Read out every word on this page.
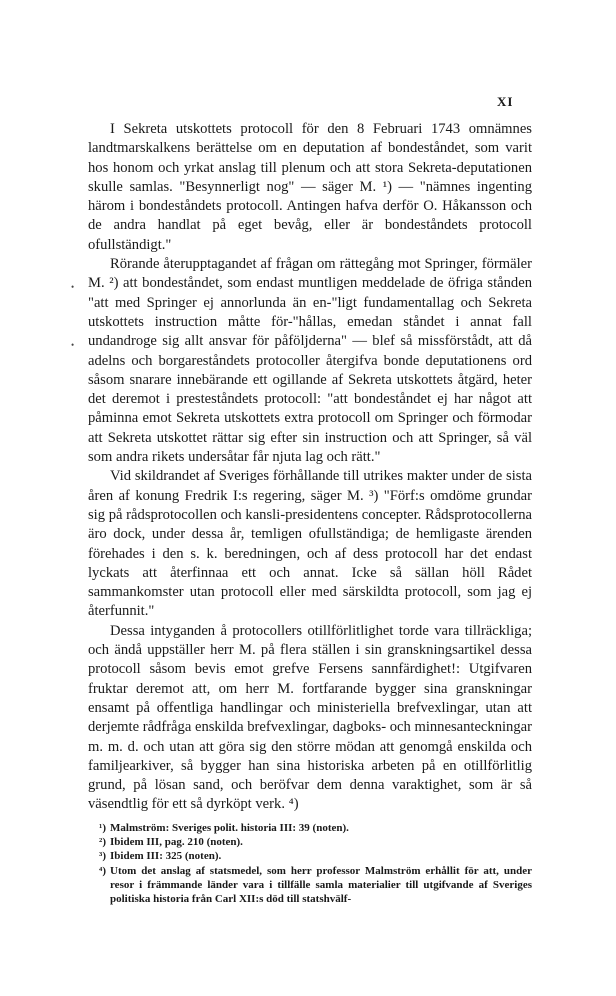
XI

I Sekreta utskottets protocoll för den 8 Februari 1743 omnämnes landtmarskalkens berättelse om en deputation af bondeståndet, som varit hos honom och yrkat anslag till plenum och att stora Sekreta-deputationen skulle samlas. "Besynnerligt nog" — säger M. ¹) — "nämnes ingenting härom i bondeståndets protocoll. Antingen hafva derför O. Håkansson och de andra handlat på eget bevåg, eller är bondeståndets protocoll ofullständigt."

Rörande återupptagandet af frågan om rättegång mot Springer, förmäler M. ²) att bondeståndet, som endast muntligen meddelade de öfriga stånden "att med Springer ej annorlunda än en-"ligt fundamentallag och Sekreta utskottets instruction måtte för-"hållas, emedan ståndet i annat fall undandroge sig allt ansvar för påföljderna" — blef så missförstådt, att då adelns och borgareståndets protocoller återgifva bonde deputationens ord såsom snarare innebärande ett ogillande af Sekreta utskottets åtgärd, heter det deremot i presteståndets protocoll: "att bondeståndet ej har något att påminna emot Sekreta utskottets extra protocoll om Springer och förmodar att Sekreta utskottet rättar sig efter sin instruction och att Springer, så väl som andra rikets undersåtar får njuta lag och rätt."

Vid skildrandet af Sveriges förhållande till utrikes makter under de sista åren af konung Fredrik I:s regering, säger M. ³) "Förf:s omdöme grundar sig på rådsprotocollen och kansli-presidentens concepter. Rådsprotocollerna äro dock, under dessa år, temligen ofullständiga; de hemligaste ärenden förehades i den s. k. beredningen, och af dess protocoll har det endast lyckats att återfinnaa ett och annat. Icke så sällan höll Rådet sammankomster utan protocoll eller med särskildta protocoll, som jag ej återfunnit."

Dessa intyganden å protocollers otillförlitlighet torde vara tillräckliga; och ändå uppställer herr M. på flera ställen i sin granskningsartikel dessa protocoll såsom bevis emot grefve Fersens sannfärdighet!: Utgifvaren fruktar deremot att, om herr M. fortfarande bygger sina granskningar ensamt på offentliga handlingar och ministeriella brefvexlingar, utan att derjemte rådfråga enskilda brefvexlingar, dagboks- och minnesanteckningar m. m. d. och utan att göra sig den större mödan att genomgå enskilda och familjearkiver, så bygger han sina historiska arbeten på en otillförlitlig grund, på lösan sand, och beröfvar dem denna varaktighet, som är så väsendtlig för ett så dyrköpt verk. ⁴)

•
•
¹) Malmström: Sveriges polit. historia III: 39 (noten).
²) Ibidem III, pag. 210 (noten).
³) Ibidem III: 325 (noten).
⁴) Utom det anslag af statsmedel, som herr professor Malmström erhållit för att, under resor i främmande länder vara i tillfälle samla materialier till utgifvande af Sveriges politiska historia från Carl XII:s död till statshvälf-
